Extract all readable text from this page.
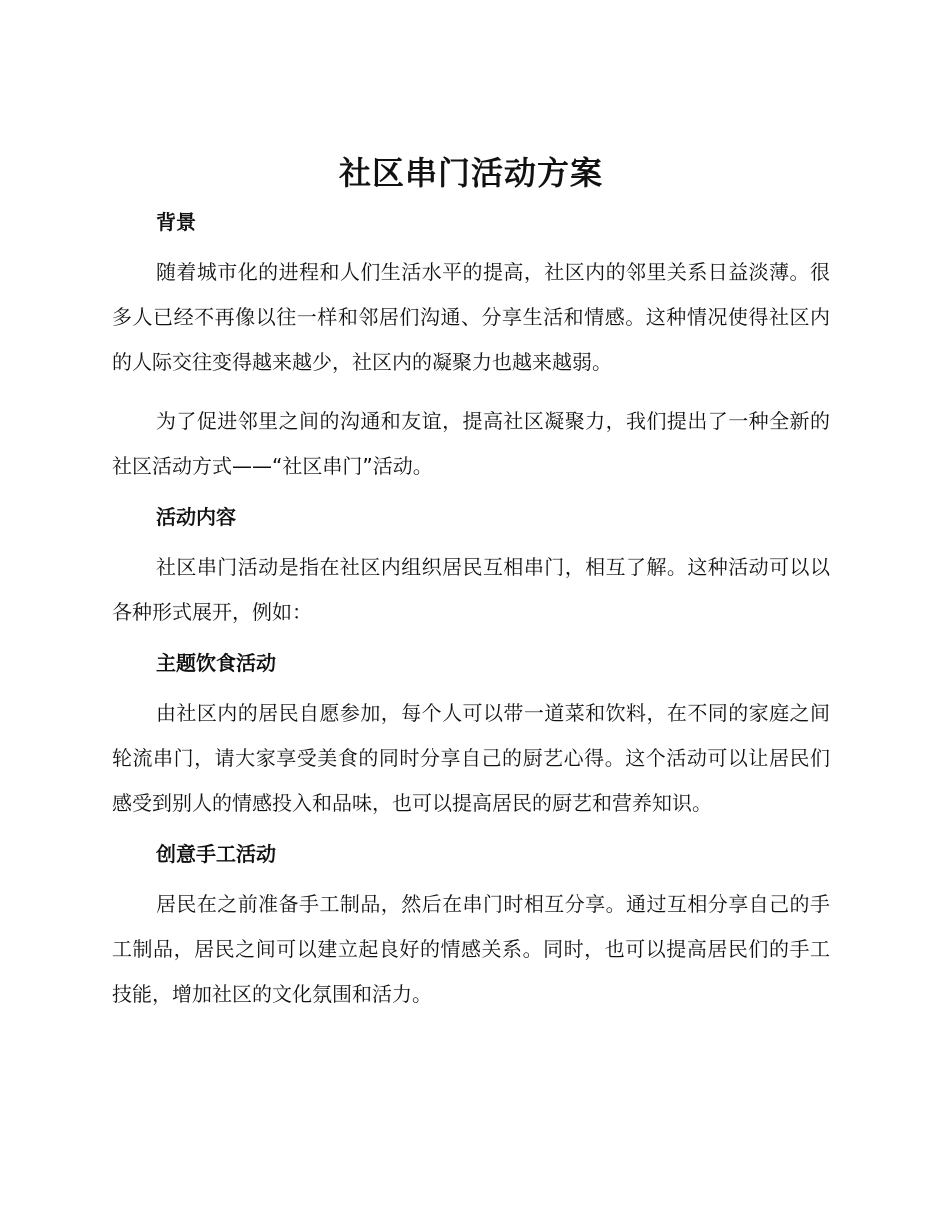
社区串门活动方案
背景

随着城市化的进程和人们生活水平的提高，社区内的邻里关系日益淡薄。很多人已经不再像以往一样和邻居们沟通、分享生活和情感。这种情况使得社区内的人际交往变得越来越少，社区内的凝聚力也越来越弱。

为了促进邻里之间的沟通和友谊，提高社区凝聚力，我们提出了一种全新的社区活动方式——“社区串门”活动。

活动内容

社区串门活动是指在社区内组织居民互相串门，相互了解。这种活动可以以各种形式展开，例如：

主题饮食活动

由社区内的居民自愿参加，每个人可以带一道菜和饮料，在不同的家庭之间轮流串门，请大家享受美食的同时分享自己的厨艺心得。这个活动可以让居民们感受到别人的情感投入和品味，也可以提高居民的厨艺和营养知识。

创意手工活动

居民在之前准备手工制品，然后在串门时相互分享。通过互相分享自己的手工制品，居民之间可以建立起良好的情感关系。同时，也可以提高居民们的手工技能，增加社区的文化氛围和活力。
